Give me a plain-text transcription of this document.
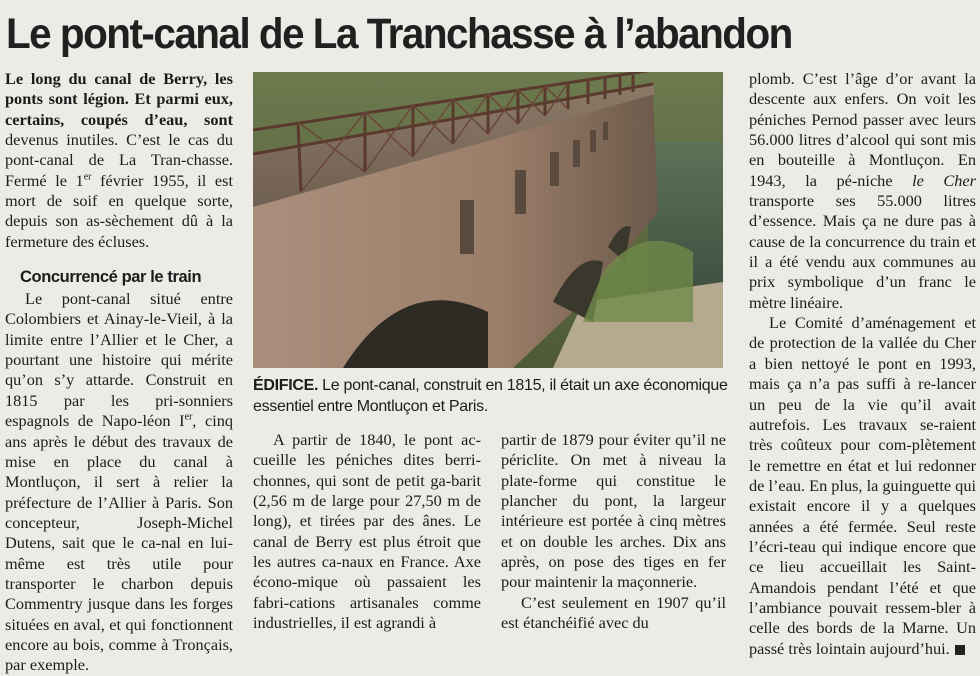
Le pont-canal de La Tranchasse à l’abandon

Le long du canal de Berry, les ponts sont légion. Et parmi eux, certains, coupés d’eau, sont devenus inutiles. C’est le cas du pont-canal de La Tran-chasse. Fermé le 1er février 1955, il est mort de soif en quelque sorte, depuis son as-sèchement dû à la fermeture des écluses.

Concurrencé par le train

Le pont-canal situé entre Colombiers et Ainay-le-Vieil, à la limite entre l’Allier et le Cher, a pourtant une histoire qui mérite qu’on s’y attarde. Construit en 1815 par les pri-sonniers espagnols de Napo-léon Ier, cinq ans après le début des travaux de mise en place du canal à Montluçon, il sert à relier la préfecture de l’Allier à Paris. Son concepteur, Joseph-Michel Dutens, sait que le ca-nal en lui-même est très utile pour transporter le charbon depuis Commentry jusque dans les forges situées en aval, et qui fonctionnent encore au bois, comme à Tronçais, par exemple.

ÉDIFICE. Le pont-canal, construit en 1815, il était un axe économique essentiel entre Montluçon et Paris.

A partir de 1840, le pont ac-cueille les péniches dites berri-chonnes, qui sont de petit ga-barit (2,56 m de large pour 27,50 m de long), et tirées par des ânes. Le canal de Berry est plus étroit que les autres ca-naux en France. Axe écono-mique où passaient les fabri-cations artisanales comme industrielles, il est agrandi à

partir de 1879 pour éviter qu’il ne périclite. On met à niveau la plate-forme qui constitue le plancher du pont, la largeur intérieure est portée à cinq mètres et on double les arches. Dix ans après, on pose des tiges en fer pour maintenir la maçonnerie.

C’est seulement en 1907 qu’il est étanchéifié avec du

plomb. C’est l’âge d’or avant la descente aux enfers. On voit les péniches Pernod passer avec leurs 56.000 litres d’alcool qui sont mis en bouteille à Montluçon. En 1943, la pé-niche le Cher transporte ses 55.000 litres d’essence. Mais ça ne dure pas à cause de la concurrence du train et il a été vendu aux communes au prix symbolique d’un franc le mètre linéaire.

Le Comité d’aménagement et de protection de la vallée du Cher a bien nettoyé le pont en 1993, mais ça n’a pas suffi à re-lancer un peu de la vie qu’il avait autrefois. Les travaux se-raient très coûteux pour com-plètement le remettre en état et lui redonner de l’eau. En plus, la guinguette qui existait encore il y a quelques années a été fermée. Seul reste l’écri-teau qui indique encore que ce lieu accueillait les Saint-Amandois pendant l’été et que l’ambiance pouvait ressem-bler à celle des bords de la Marne. Un passé très lointain aujourd’hui.
